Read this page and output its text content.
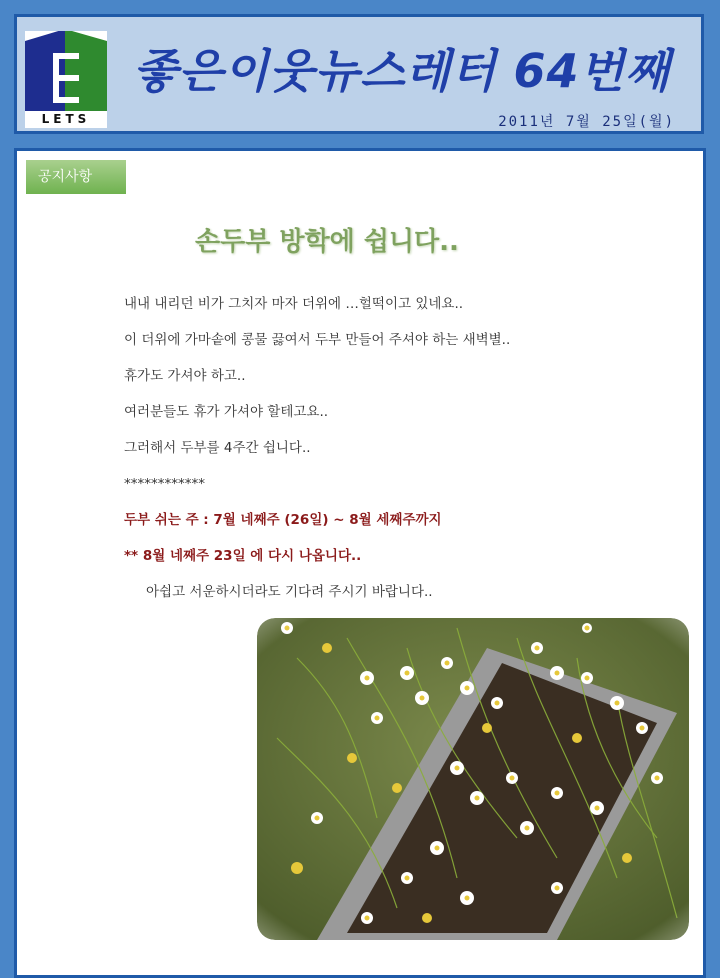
LETS
좋은이웃뉴스레터 64번째
2011년 7월 25일(월)
공지사항
손두부 방학에 쉽니다..
내내 내리던 비가 그치자 마자 더위에 …헐떡이고 있네요..
이 더위에 가마솥에 콩물 끓여서 두부 만들어 주셔야 하는 새벽별..
휴가도 가셔야 하고..
여러분들도 휴가 가셔야 할테고요..
그러해서 두부를 4주간 쉽니다..
************
두부 쉬는 주 : 7월 네째주 (26일) ~ 8월 세째주까지
** 8월 네째주 23일 에 다시 나옵니다..
아쉽고 서운하시더라도 기다려 주시기 바랍니다..
